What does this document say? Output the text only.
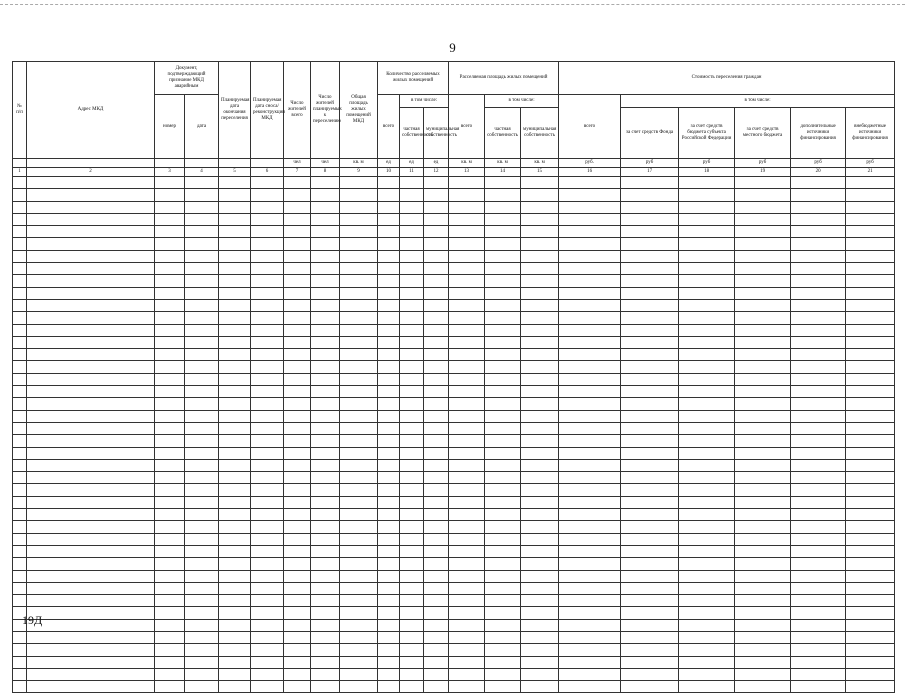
9
№ п/п	Адрес МКД	Документ, подтверждающий признание МКД аварийным		Планируемая дата окончания переселения	Планируемая дата сноса/реконструкции МКД	Число жителей всего	Число жителей планируемых к переселению	Общая площадь жилых помещений МКД	Количество расселяемых жилых помещений			Расселяемая площадь жилых помещений			Стоимость переселения граждан					
		номер	дата						всего	в том числе:		всего	в том числе:		всего	в том числе:				
										частная собственность	муниципальная собственность		частная собственность	муниципальная собственность		за счет средств Фонда	за счет средств бюджета субъекта Российской Федерации	за счет средств местного бюджета	дополнительные источники финансирования	внебюджетные источники финансирования
						чел	чел	кв. м	ед	ед	ед	кв. м	кв. м	кв. м	руб.	руб	руб	руб	руб	руб
1	2	3	4	5	6	7	8	9	10	11	12	13	14	15	16	17	18	19	20	21

19Д
